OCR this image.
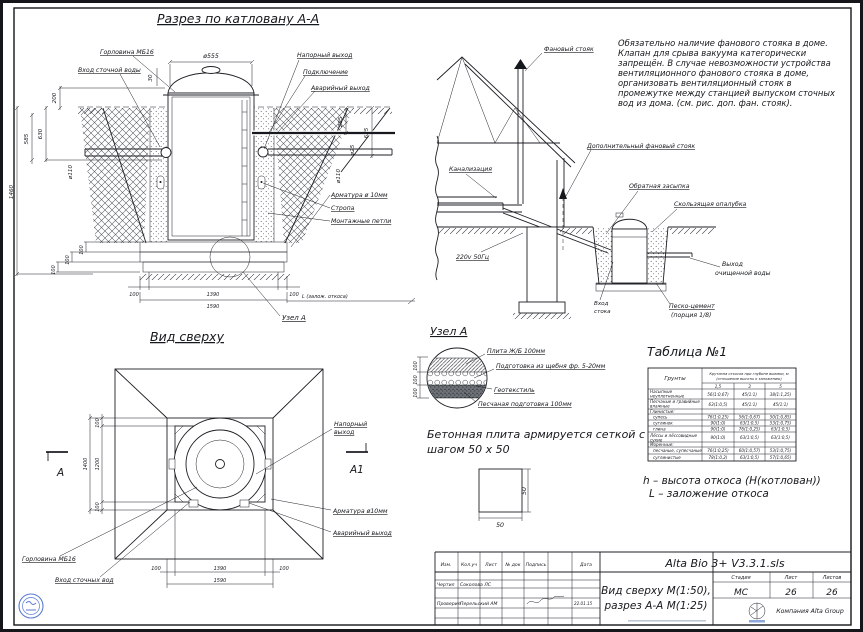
Разрез по катловану А-А
Узел А
200
630
585
1460
ø110
ø555
30
295
625
ø25
ø110
100
100
100
100	1390	100
1590
L (залож. откоса)
Горловина МБ16
Вход сточной воды
Напорный выход
Подключение
Аварийный выход
Арматура ø 10мм
Стропа
Монтажные петли
Вид сверху
А	А1
100
1200
100
1400
100	1390	100
1590
Напорный
выход
Арматура ø10мм
Аварийный выход
Горловина МБ16
Вход сточных вод
Фановый стояк
Канализация
Дополнительный фановый стояк
Обратная засыпка
Скользящая опалубка
220v 50Гц
Вход
стока
Выход
очищенной воды
Песко-цемент
(порция 1/8)
Обязательно наличие фанового стояка в доме.
Клапан для срыва вакуума категорически
запрещён. В случае невозможности устройства
вентиляционного фанового стояка в доме,
организовать вентиляционный стояк в
промежутке между станцией выпуском сточных
вод из дома. (см. рис. доп. фан. стояк).
Узел А
100
100
100
Плита Ж/Б 100мм
Подготовка из щебня фр. 5-20мм
Геотекстиль
Песчаная подготовка 100мм
Бетонная плита армируется сеткой с
шагом 50 х 50
50
50
Таблица №1
Грунты
Крутизна откосов при глубине выемки, м
(отношение высоты к заложению)
1,5	3	5
Насыпные
неуплотненные	56(1:0,67)	45(1:1)	38(1:1,25)
Песчаные и гравийные
влажные	63(1:0,5)	45(1:1)	45(1:1)
Глинистые:
супесь	76(1:0,25) 56(1:0,67) 50(1:0,85)
суглинок	90(1:0)	63(1:0,5)	53(1:0,75)
глина	90(1:0)	76(1:0,25)	63(1:0,5)
Лёссы и лёссовидные
сухие	90(1:0)	63(1:0,5)	63(1:0,5)
Моренные:
песчаные, супесчаные 76(1:0,25) 60(1:0,57) 53(1:0,75)
суглинистые	78(1:0,2)	63(1:0,5)	57(1:0,65)
h – высота откоса (Н(котлован))
L – заложение откоса
Изм. Кол.уч Лист № док Подпись	Дата
Чертил Соколова ЛС
Проверил Перельский АМ	22.01.15
Alta Bio 3+ V3.3.1.sls
Вид сверху М(1:50),
разрез А-А М(1:25)
Стадия	Лист	Листов
МС	26	26
Компания Alta Group
